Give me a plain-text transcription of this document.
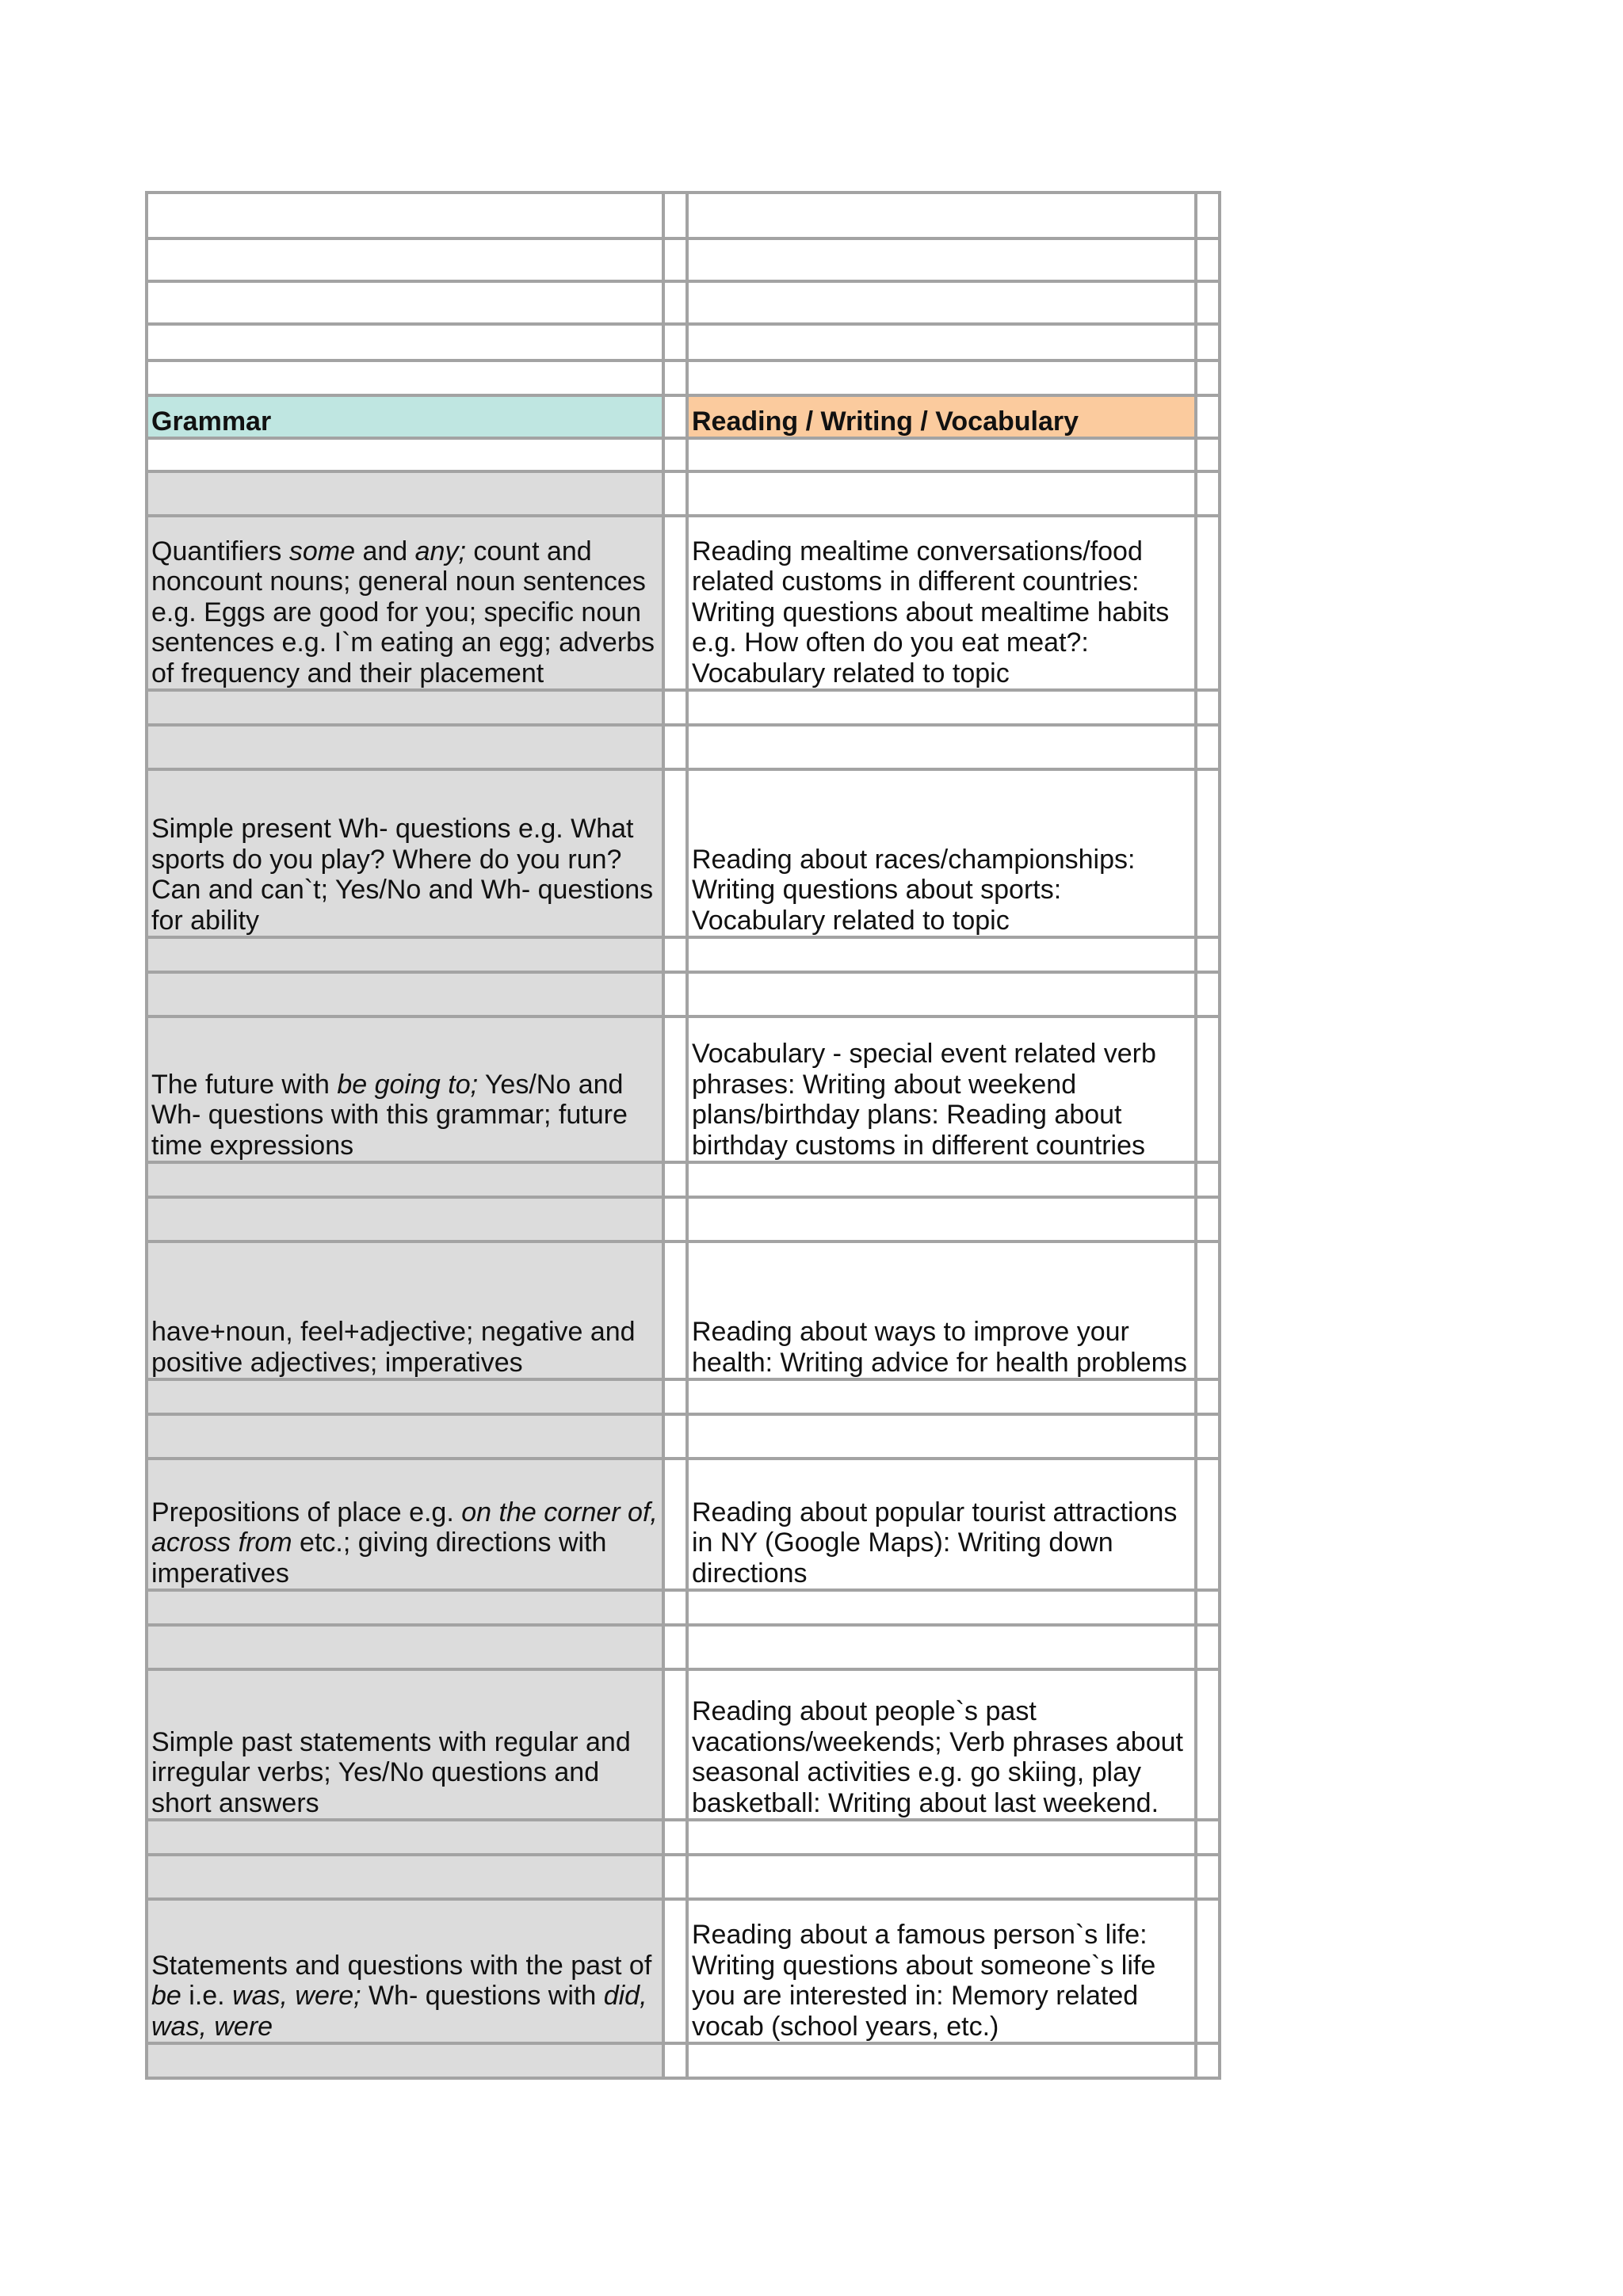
Grammar		Reading / Writing / Vocabulary	

Quantifiers some and any; count and noncount nouns; general noun sentences e.g. Eggs are good for you; specific noun sentences e.g. I`m eating an egg; adverbs of frequency and their placement		Reading mealtime conversations/food related customs in different countries: Writing questions about mealtime habits e.g. How often do you eat meat?: Vocabulary related to topic	

Simple present Wh- questions e.g. What sports do you play? Where do you run? Can and can`t; Yes/No and Wh- questions for ability		Reading about races/championships: Writing questions about sports: Vocabulary related to topic	

The future with be going to; Yes/No and Wh- questions with this grammar; future time expressions		Vocabulary - special event related verb phrases: Writing about weekend plans/birthday plans: Reading about birthday customs in different countries	

have+noun, feel+adjective; negative and positive adjectives; imperatives		Reading about ways to improve your health: Writing advice for health problems	

Prepositions of place e.g. on the corner of, across from etc.; giving directions with imperatives		Reading about popular tourist attractions in NY (Google Maps): Writing down directions	

Simple past statements with regular and irregular verbs; Yes/No questions and short answers		Reading about people`s past vacations/weekends; Verb phrases about seasonal activities e.g. go skiing, play basketball: Writing about last weekend.	

Statements and questions with the past of be i.e. was, were; Wh- questions with did, was, were		Reading about a famous person`s life: Writing questions about someone`s life you are interested in: Memory related vocab (school years, etc.)	
